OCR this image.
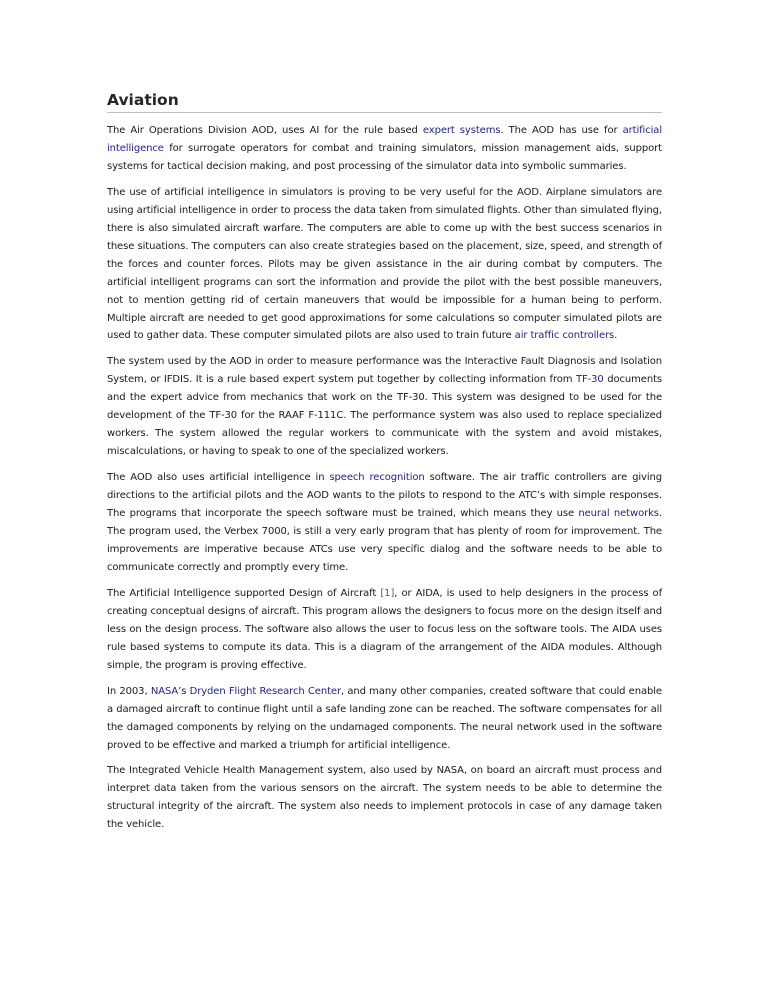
Aviation

The Air Operations Division AOD, uses AI for the rule based expert systems. The AOD has use for artificial intelligence for surrogate operators for combat and training simulators, mission management aids, support systems for tactical decision making, and post processing of the simulator data into symbolic summaries.

The use of artificial intelligence in simulators is proving to be very useful for the AOD. Airplane simulators are using artificial intelligence in order to process the data taken from simulated flights. Other than simulated flying, there is also simulated aircraft warfare. The computers are able to come up with the best success scenarios in these situations. The computers can also create strategies based on the placement, size, speed, and strength of the forces and counter forces. Pilots may be given assistance in the air during combat by computers. The artificial intelligent programs can sort the information and provide the pilot with the best possible maneuvers, not to mention getting rid of certain maneuvers that would be impossible for a human being to perform. Multiple aircraft are needed to get good approximations for some calculations so computer simulated pilots are used to gather data. These computer simulated pilots are also used to train future air traffic controllers.

The system used by the AOD in order to measure performance was the Interactive Fault Diagnosis and Isolation System, or IFDIS. It is a rule based expert system put together by collecting information from TF-30 documents and the expert advice from mechanics that work on the TF-30. This system was designed to be used for the development of the TF-30 for the RAAF F-111C. The performance system was also used to replace specialized workers. The system allowed the regular workers to communicate with the system and avoid mistakes, miscalculations, or having to speak to one of the specialized workers.

The AOD also uses artificial intelligence in speech recognition software. The air traffic controllers are giving directions to the artificial pilots and the AOD wants to the pilots to respond to the ATC’s with simple responses. The programs that incorporate the speech software must be trained, which means they use neural networks. The program used, the Verbex 7000, is still a very early program that has plenty of room for improvement. The improvements are imperative because ATCs use very specific dialog and the software needs to be able to communicate correctly and promptly every time.

The Artificial Intelligence supported Design of Aircraft [1], or AIDA, is used to help designers in the process of creating conceptual designs of aircraft. This program allows the designers to focus more on the design itself and less on the design process. The software also allows the user to focus less on the software tools. The AIDA uses rule based systems to compute its data. This is a diagram of the arrangement of the AIDA modules. Although simple, the program is proving effective.

In 2003, NASA’s Dryden Flight Research Center, and many other companies, created software that could enable a damaged aircraft to continue flight until a safe landing zone can be reached. The software compensates for all the damaged components by relying on the undamaged components. The neural network used in the software proved to be effective and marked a triumph for artificial intelligence.

The Integrated Vehicle Health Management system, also used by NASA, on board an aircraft must process and interpret data taken from the various sensors on the aircraft. The system needs to be able to determine the structural integrity of the aircraft. The system also needs to implement protocols in case of any damage taken the vehicle.
